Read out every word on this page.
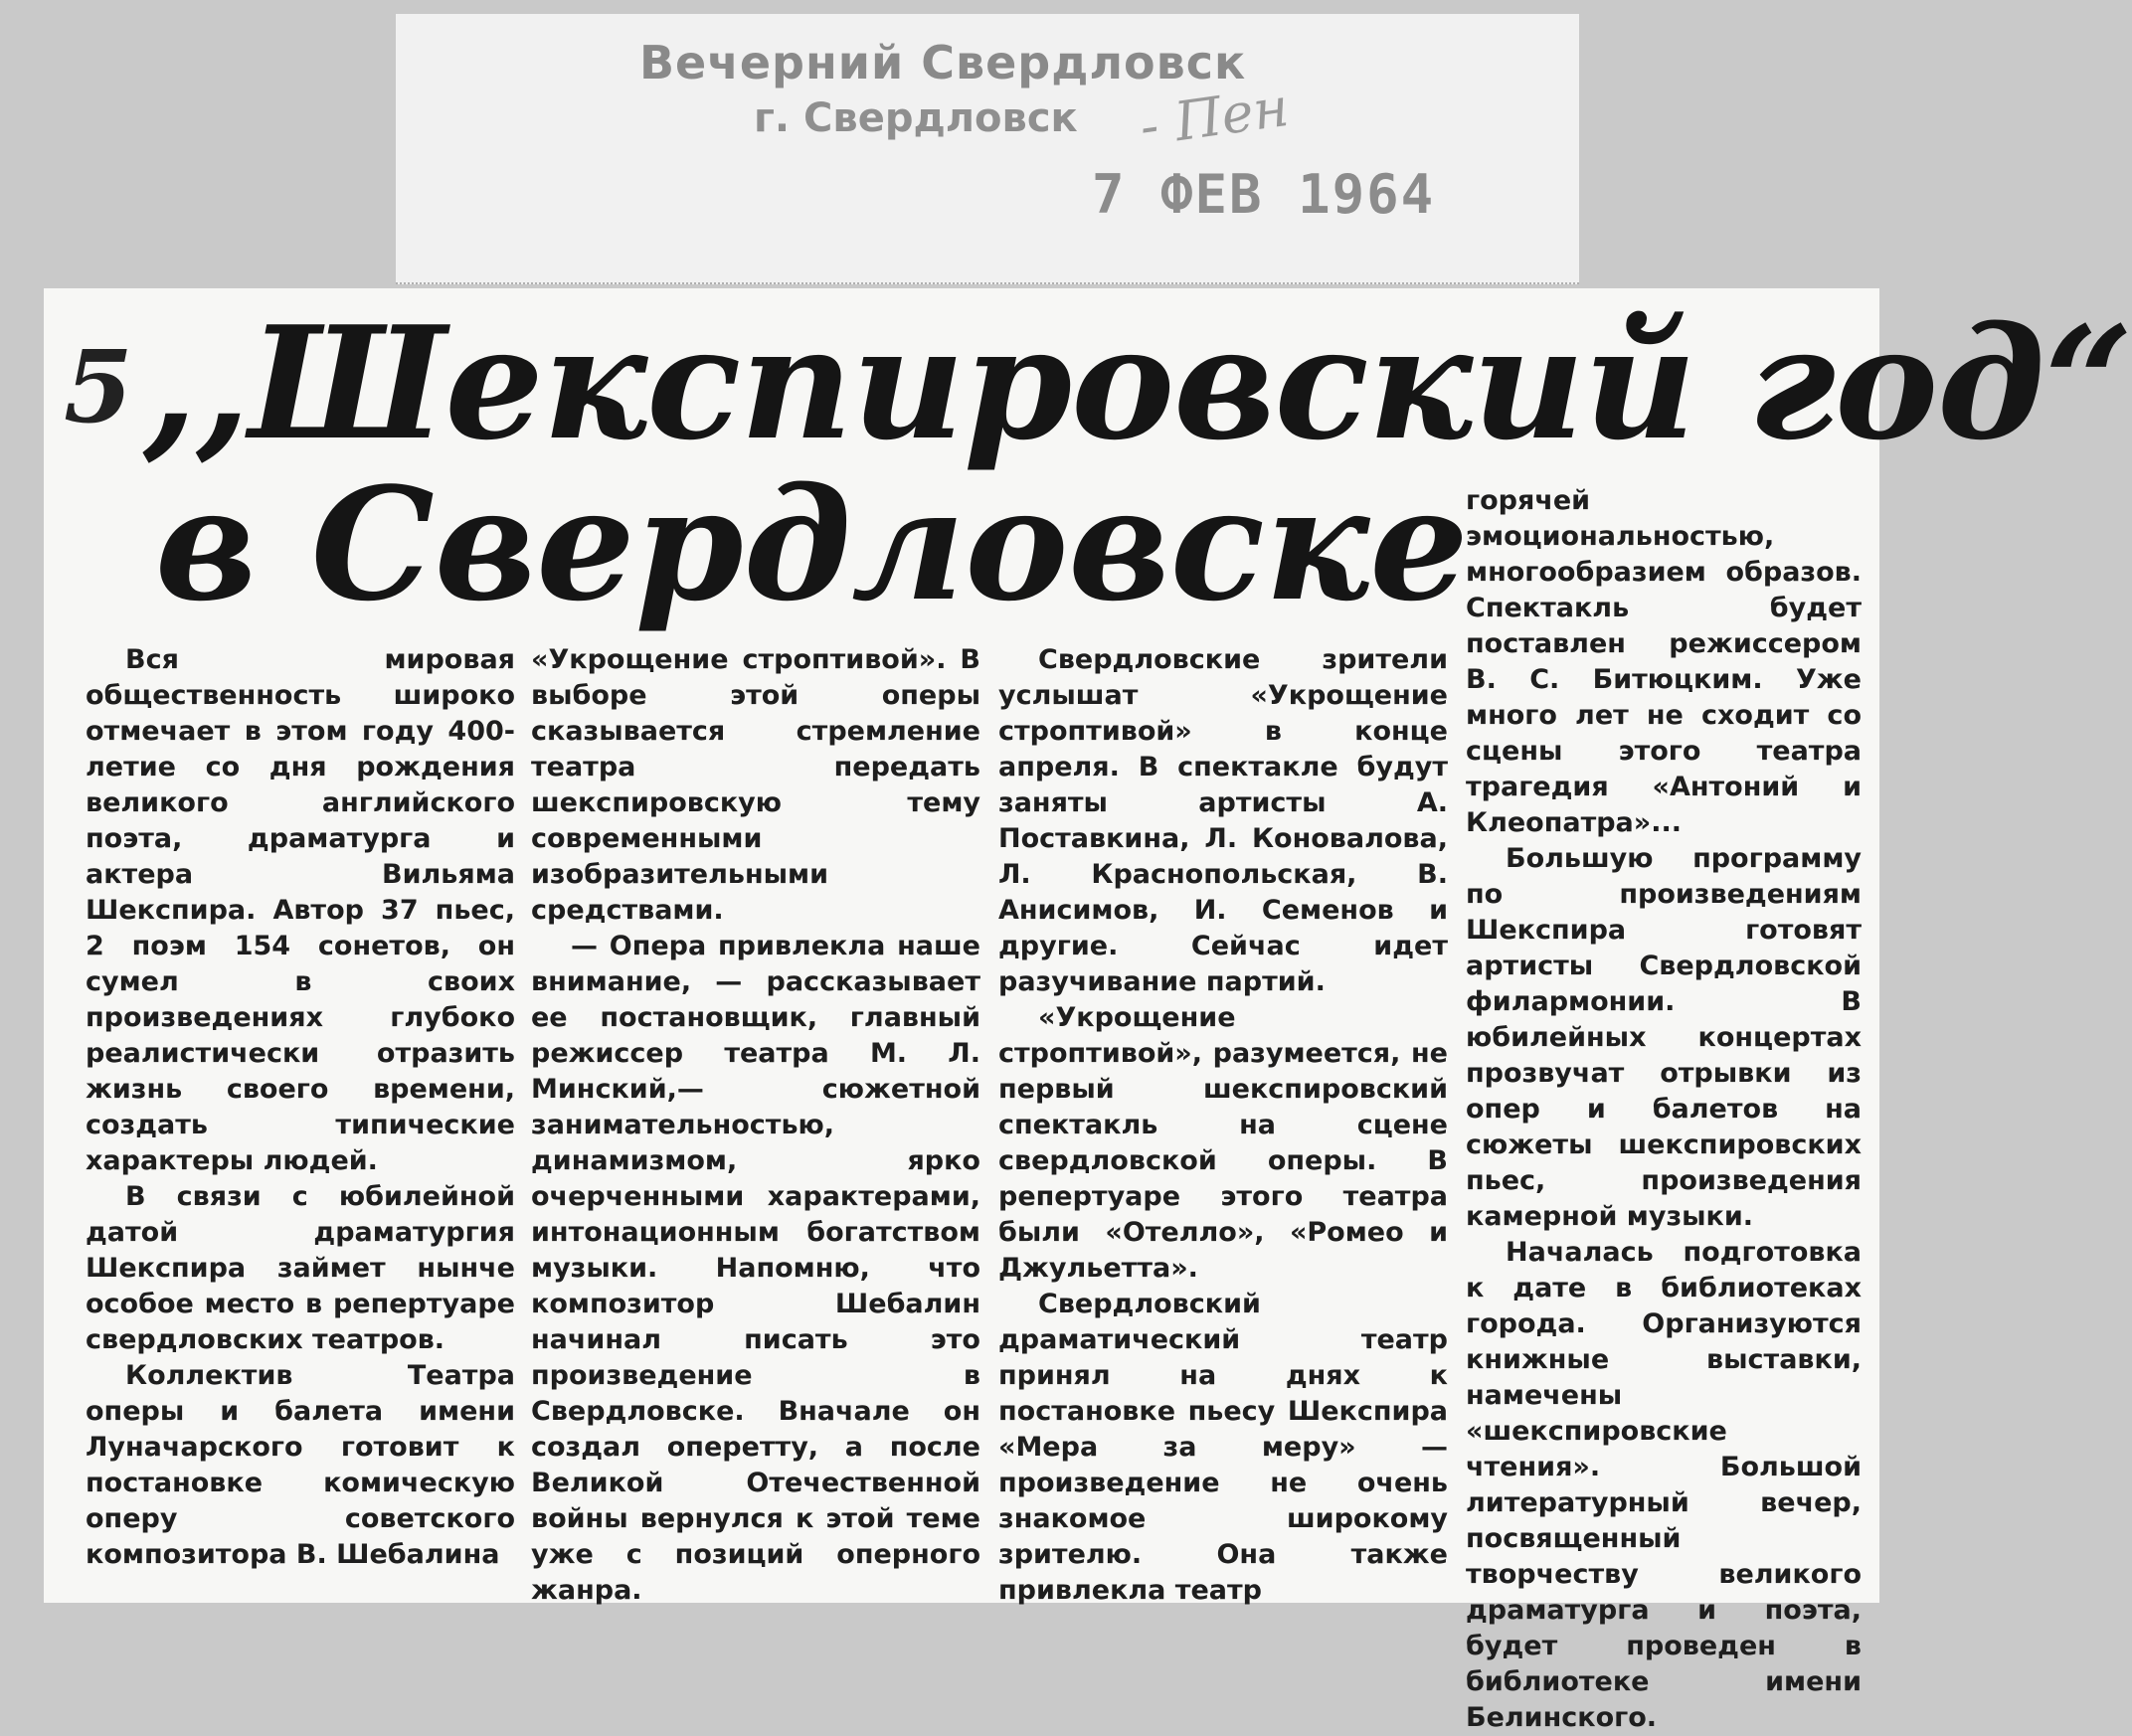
Вечерний Свердловск
г. Свердловск - Пен
7 ФЕВ 1964
5 ,,Шекспировский год“
в Свердловске

Вся мировая общественность широко отмечает в этом году 400-летие со дня рождения великого английского поэта, драматурга и актера Вильяма Шекспира. Автор 37 пьес, 2 поэм 154 сонетов, он сумел в своих произведениях глубоко реалистически отразить жизнь своего времени, создать типические характеры людей.

В связи с юбилейной датой драматургия Шекспира займет нынче особое место в репертуаре свердловских театров.

Коллектив Театра оперы и балета имени Луначарского готовит к постановке комическую оперу советского композитора В. Шебалина

«Укрощение строптивой». В выборе этой оперы сказывается стремление театра передать шекспировскую тему современными изобразительными средствами.

— Опера привлекла наше внимание, — рассказывает ее постановщик, главный режиссер театра М. Л. Минский,— сюжетной занимательностью, динамизмом, ярко очерченными характерами, интонационным богатством музыки. Напомню, что композитор Шебалин начинал писать это произведение в Свердловске. Вначале он создал оперетту, а после Великой Отечественной войны вернулся к этой теме уже с позиций оперного жанра.

Свердловские зрители услышат «Укрощение строптивой» в конце апреля. В спектакле будут заняты артисты А. Поставкина, Л. Коновалова, Л. Краснопольская, В. Анисимов, И. Семенов и другие. Сейчас идет разучивание партий.

«Укрощение строптивой», разумеется, не первый шекспировский спектакль на сцене свердловской оперы. В репертуаре этого театра были «Отелло», «Ромео и Джульетта».

Свердловский драматический театр принял на днях к постановке пьесу Шекспира «Мера за меру» — произведение не очень знакомое широкому зрителю. Она также привлекла театр

горячей эмоциональностью, многообразием образов. Спектакль будет поставлен режиссером В. С. Битюцким. Уже много лет не сходит со сцены этого театра трагедия «Антоний и Клеопатра»...

Большую программу по произведениям Шекспира готовят артисты Свердловской филармонии. В юбилейных концертах прозвучат отрывки из опер и балетов на сюжеты шекспировских пьес, произведения камерной музыки.

Началась подготовка к дате в библиотеках города. Организуются книжные выставки, намечены «шекспировские чтения». Большой литературный вечер, посвященный творчеству великого драматурга и поэта, будет проведен в библиотеке имени Белинского.
